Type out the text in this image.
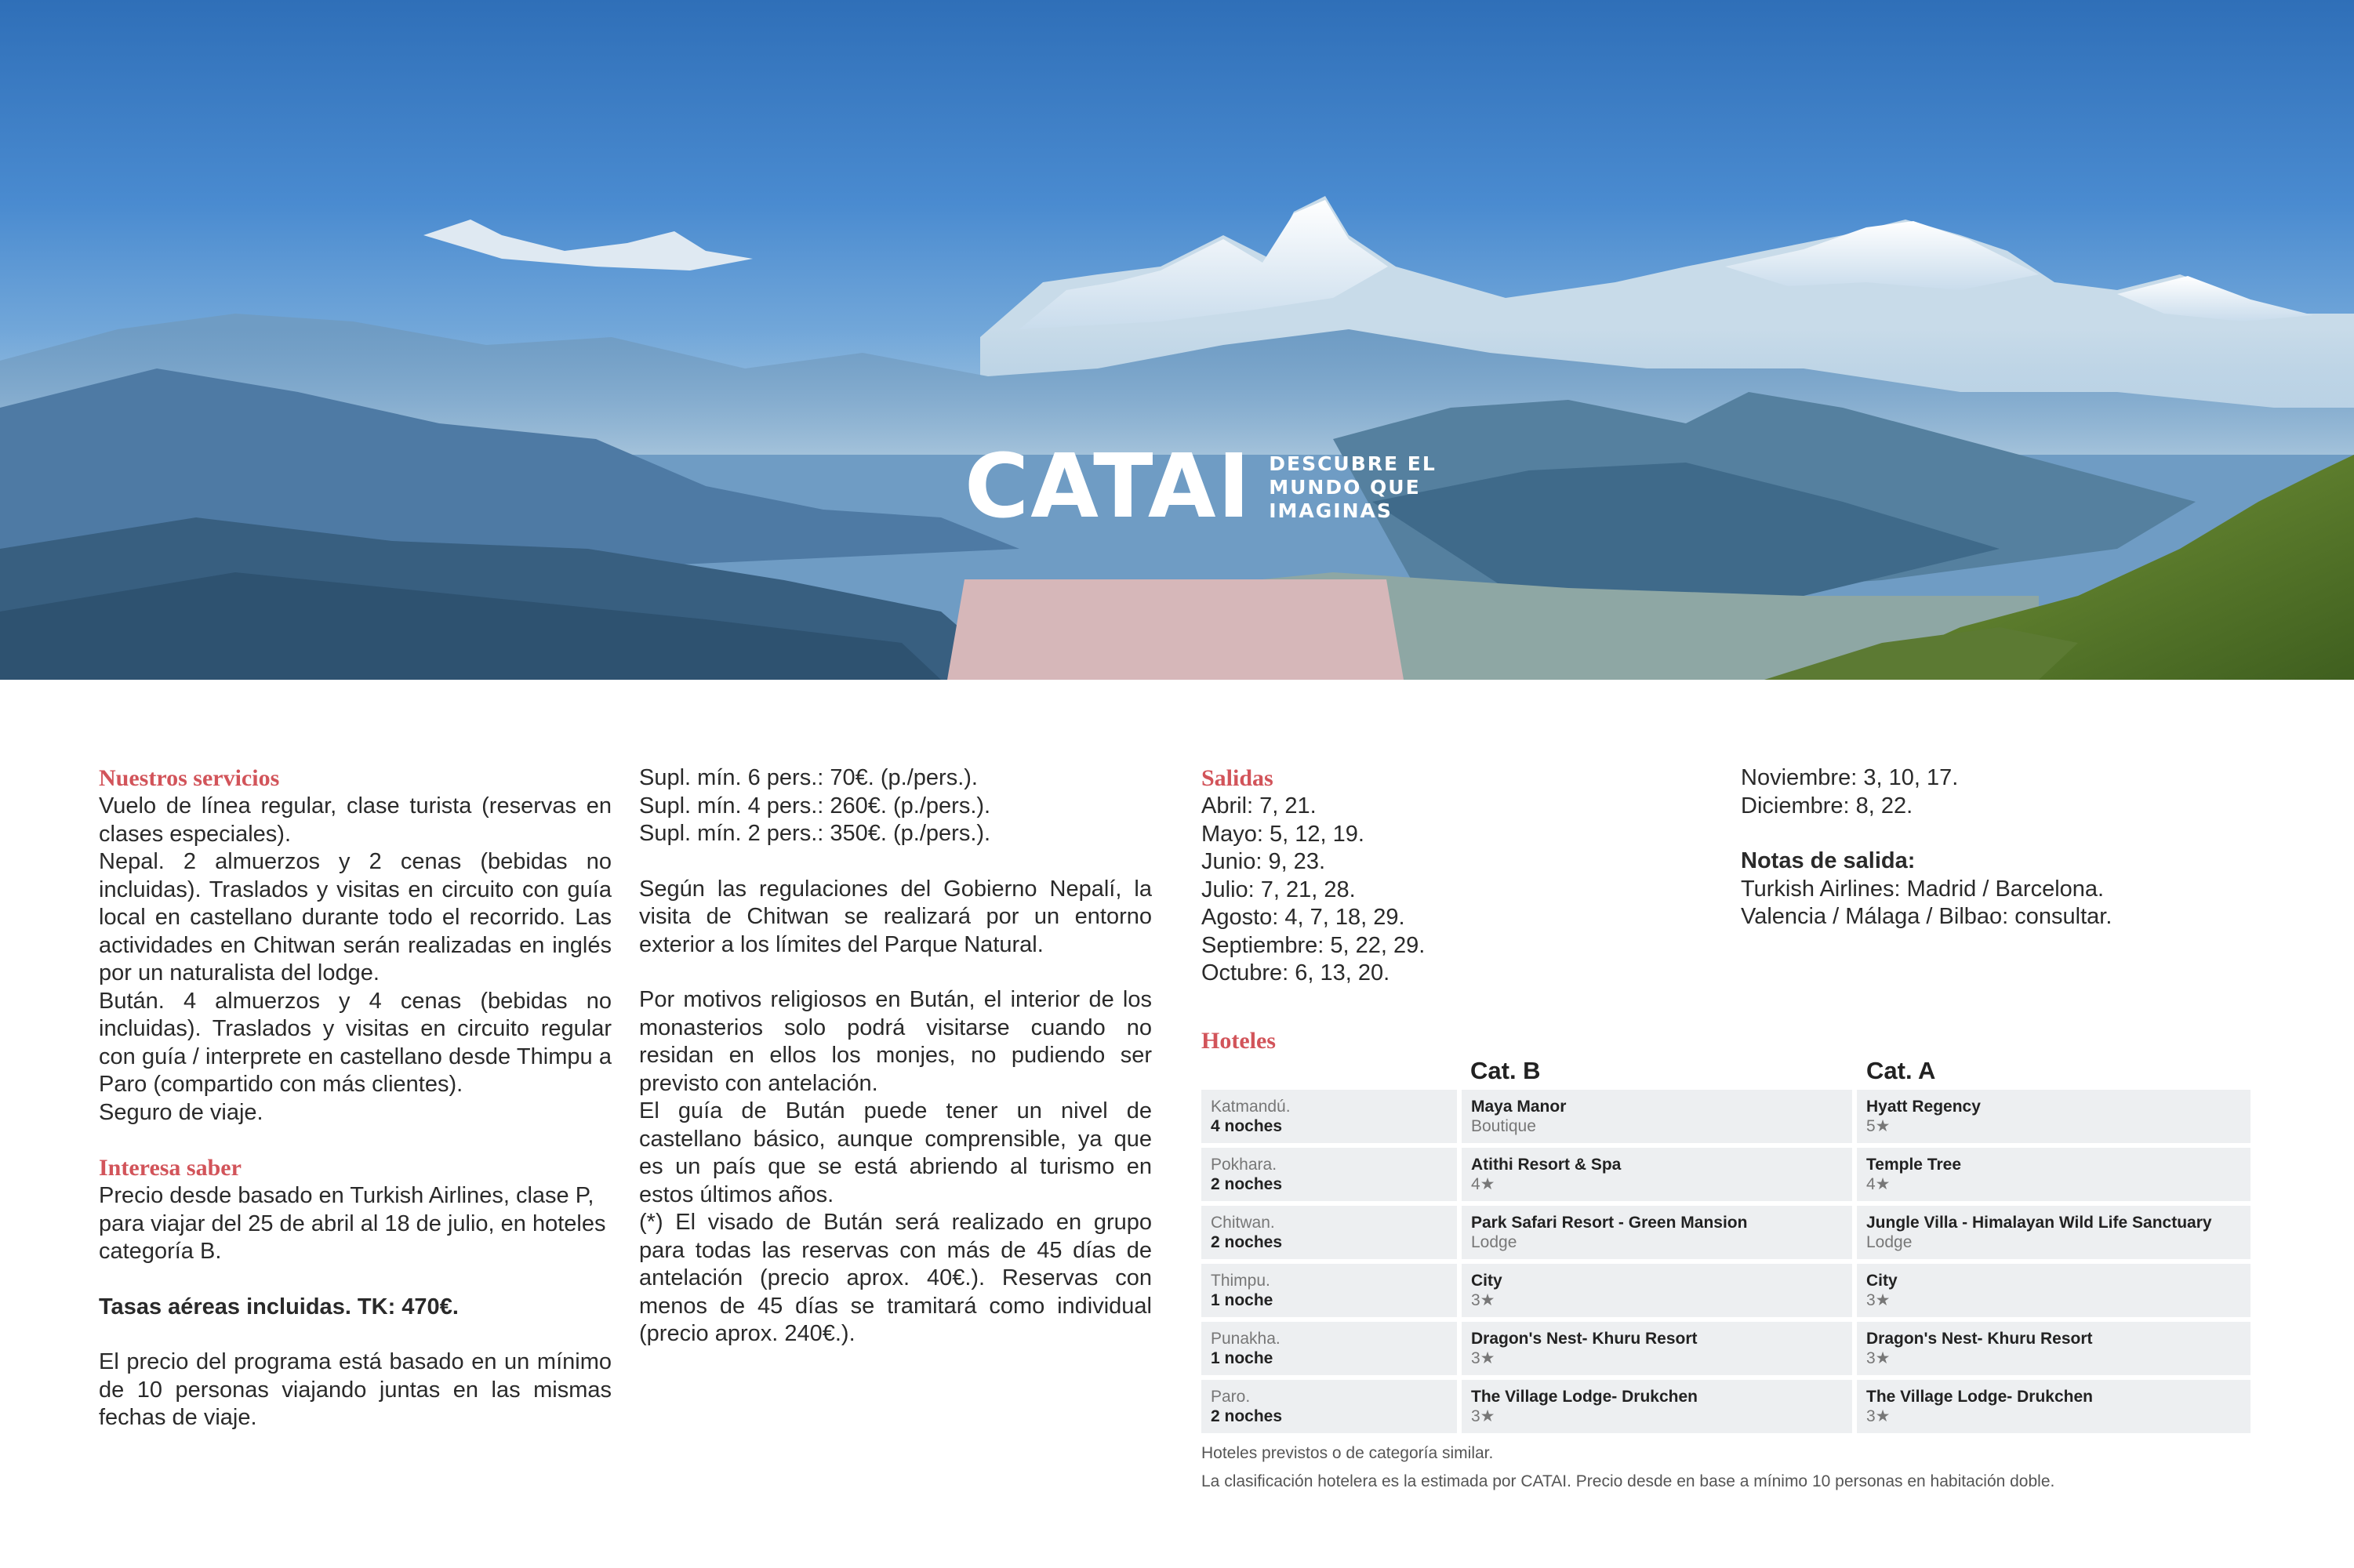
CATAI DESCUBRE EL
MUNDO QUE
IMAGINAS

Nuestros servicios

Vuelo de línea regular, clase turista (reservas en clases especiales).

Nepal. 2 almuerzos y 2 cenas (bebidas no incluidas). Traslados y visitas en circuito con guía local en castellano durante todo el recorrido. Las actividades en Chitwan serán realizadas en inglés por un naturalista del lodge.

Bután. 4 almuerzos y 4 cenas (bebidas no incluidas). Traslados y visitas en circuito regular con guía / interprete en castellano desde Thimpu a Paro (compartido con más clientes).

Seguro de viaje.

Interesa saber

Precio desde basado en Turkish Airlines, clase P, para viajar del 25 de abril al 18 de julio, en hoteles categoría B.

Tasas aéreas incluidas. TK: 470€.

El precio del programa está basado en un mínimo de 10 personas viajando juntas en las mismas fechas de viaje.

Supl. mín. 6 pers.: 70€. (p./pers.).

Supl. mín. 4 pers.: 260€. (p./pers.).

Supl. mín. 2 pers.: 350€. (p./pers.).

Según las regulaciones del Gobierno Nepalí, la visita de Chitwan se realizará por un entorno exterior a los límites del Parque Natural.

Por motivos religiosos en Bután, el interior de los monasterios solo podrá visitarse cuando no residan en ellos los monjes, no pudiendo ser previsto con antelación.

El guía de Bután puede tener un nivel de castellano básico, aunque comprensible, ya que es un país que se está abriendo al turismo en estos últimos años.

(*) El visado de Bután será realizado en grupo para todas las reservas con más de 45 días de antelación (precio aprox. 40€.). Reservas con menos de 45 días se tramitará como individual (precio aprox. 240€.).

Salidas

Abril: 7, 21.

Mayo: 5, 12, 19.

Junio: 9, 23.

Julio: 7, 21, 28.

Agosto: 4, 7, 18, 29.

Septiembre: 5, 22, 29.

Octubre: 6, 13, 20.

Noviembre: 3, 10, 17.

Diciembre: 8, 22.

Notas de salida:

Turkish Airlines: Madrid / Barcelona.

Valencia / Málaga / Bilbao: consultar.

Hoteles
Cat. B	Cat. A
Katmandú.
4 noches
Maya Manor
Boutique
Hyatt Regency
5★
Pokhara.
2 noches
Atithi Resort & Spa
4★
Temple Tree
4★
Chitwan.
2 noches
Park Safari Resort - Green Mansion
Lodge
Jungle Villa - Himalayan Wild Life Sanctuary
Lodge
Thimpu.
1 noche
City
3★
City
3★
Punakha.
1 noche
Dragon's Nest- Khuru Resort
3★
Dragon's Nest- Khuru Resort
3★
Paro.
2 noches
The Village Lodge- Drukchen
3★
The Village Lodge- Drukchen
3★
Hoteles previstos o de categoría similar.
La clasificación hotelera es la estimada por CATAI. Precio desde en base a mínimo 10 personas en habitación doble.
